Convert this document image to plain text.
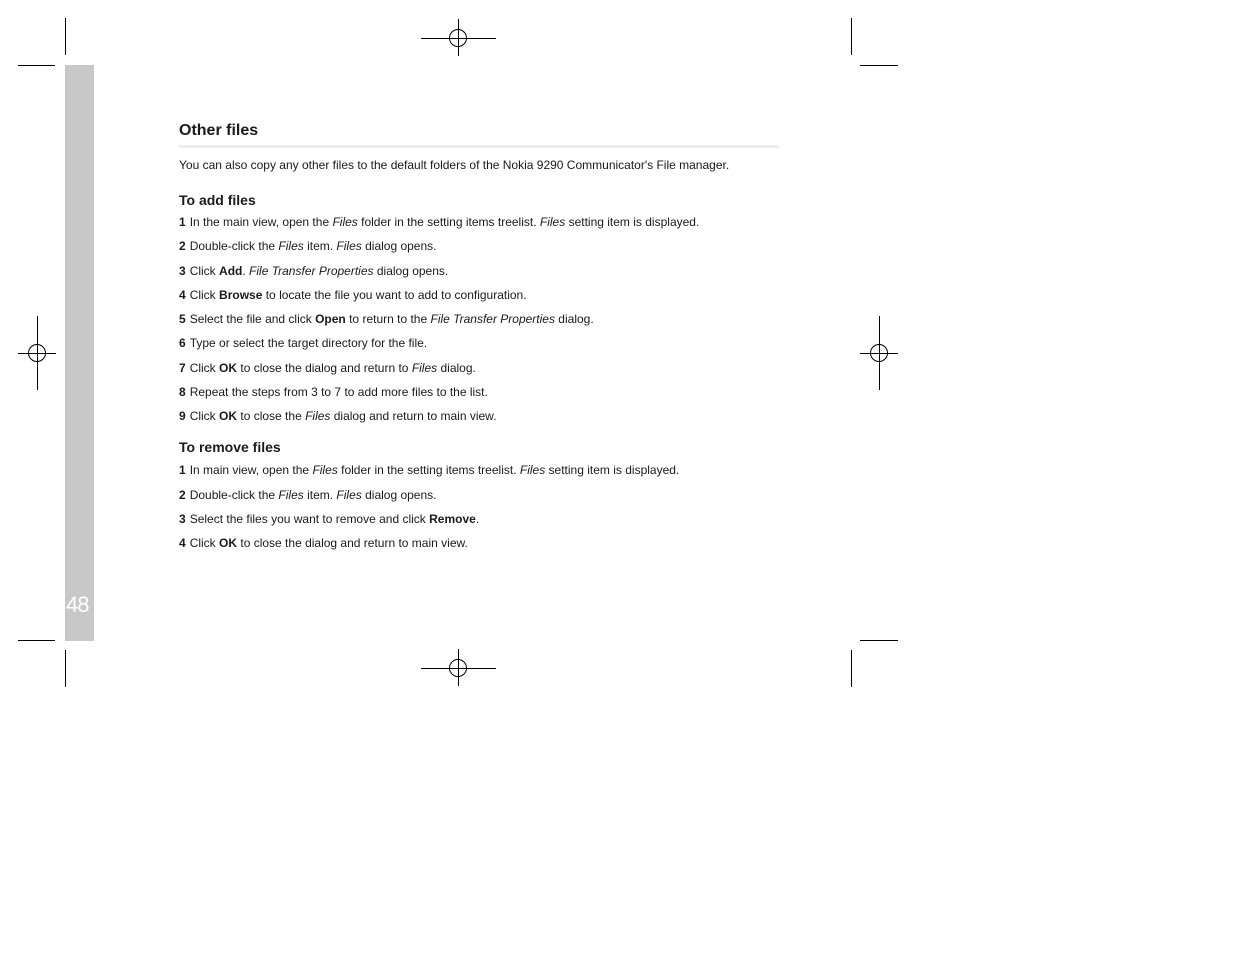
48
Other files

You can also copy any other files to the default folders of the Nokia 9290 Communicator's File manager.

To add files
1 In the main view, open the Files folder in the setting items treelist. Files setting item is displayed.
2 Double-click the Files item. Files dialog opens.
3 Click Add. File Transfer Properties dialog opens.
4 Click Browse to locate the file you want to add to configuration.
5 Select the file and click Open to return to the File Transfer Properties dialog.
6 Type or select the target directory for the file.
7 Click OK to close the dialog and return to Files dialog.
8 Repeat the steps from 3 to 7 to add more files to the list.
9 Click OK to close the Files dialog and return to main view.
To remove files
1 In main view, open the Files folder in the setting items treelist. Files setting item is displayed.
2 Double-click the Files item. Files dialog opens.
3 Select the files you want to remove and click Remove.
4 Click OK to close the dialog and return to main view.
